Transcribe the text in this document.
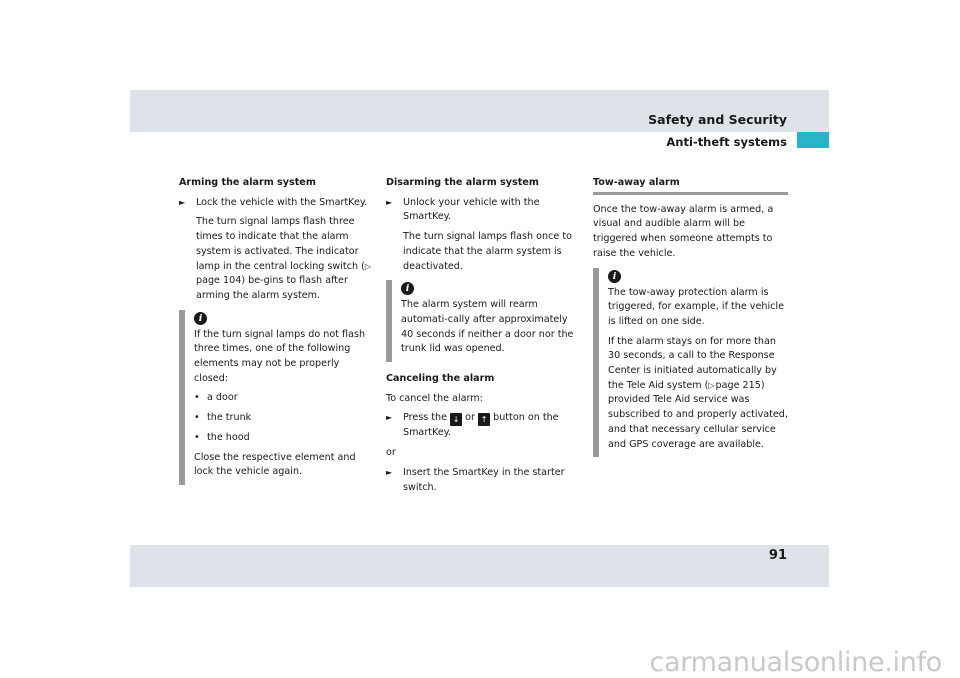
Safety and Security
Anti-theft systems
Arming the alarm system
►	Lock the vehicle with the SmartKey.

The turn signal lamps flash three times to indicate that the alarm system is activated. The indicator lamp in the central locking switch (▷ page 104) be-gins to flash after arming the alarm system.

i

If the turn signal lamps do not flash three times, one of the following elements may not be properly closed:

• a door
• the trunk
• the hood

Close the respective element and lock the vehicle again.

Disarming the alarm system
►	Unlock your vehicle with the SmartKey.

The turn signal lamps flash once to indicate that the alarm system is deactivated.

i

The alarm system will rearm automati-cally after approximately 40 seconds if neither a door nor the trunk lid was opened.

Canceling the alarm

To cancel the alarm:

►	Press the ↓ or ↑ button on the SmartKey.

or

►	Insert the SmartKey in the starter switch.
Tow-away alarm

Once the tow-away alarm is armed, a visual and audible alarm will be triggered when someone attempts to raise the vehicle.

i

The tow-away protection alarm is triggered, for example, if the vehicle is lifted on one side.

If the alarm stays on for more than 30 seconds, a call to the Response Center is initiated automatically by the Tele Aid system (▷ page 215) provided Tele Aid service was subscribed to and properly activated, and that necessary cellular service and GPS coverage are available.

91
carmanualsonline.info
